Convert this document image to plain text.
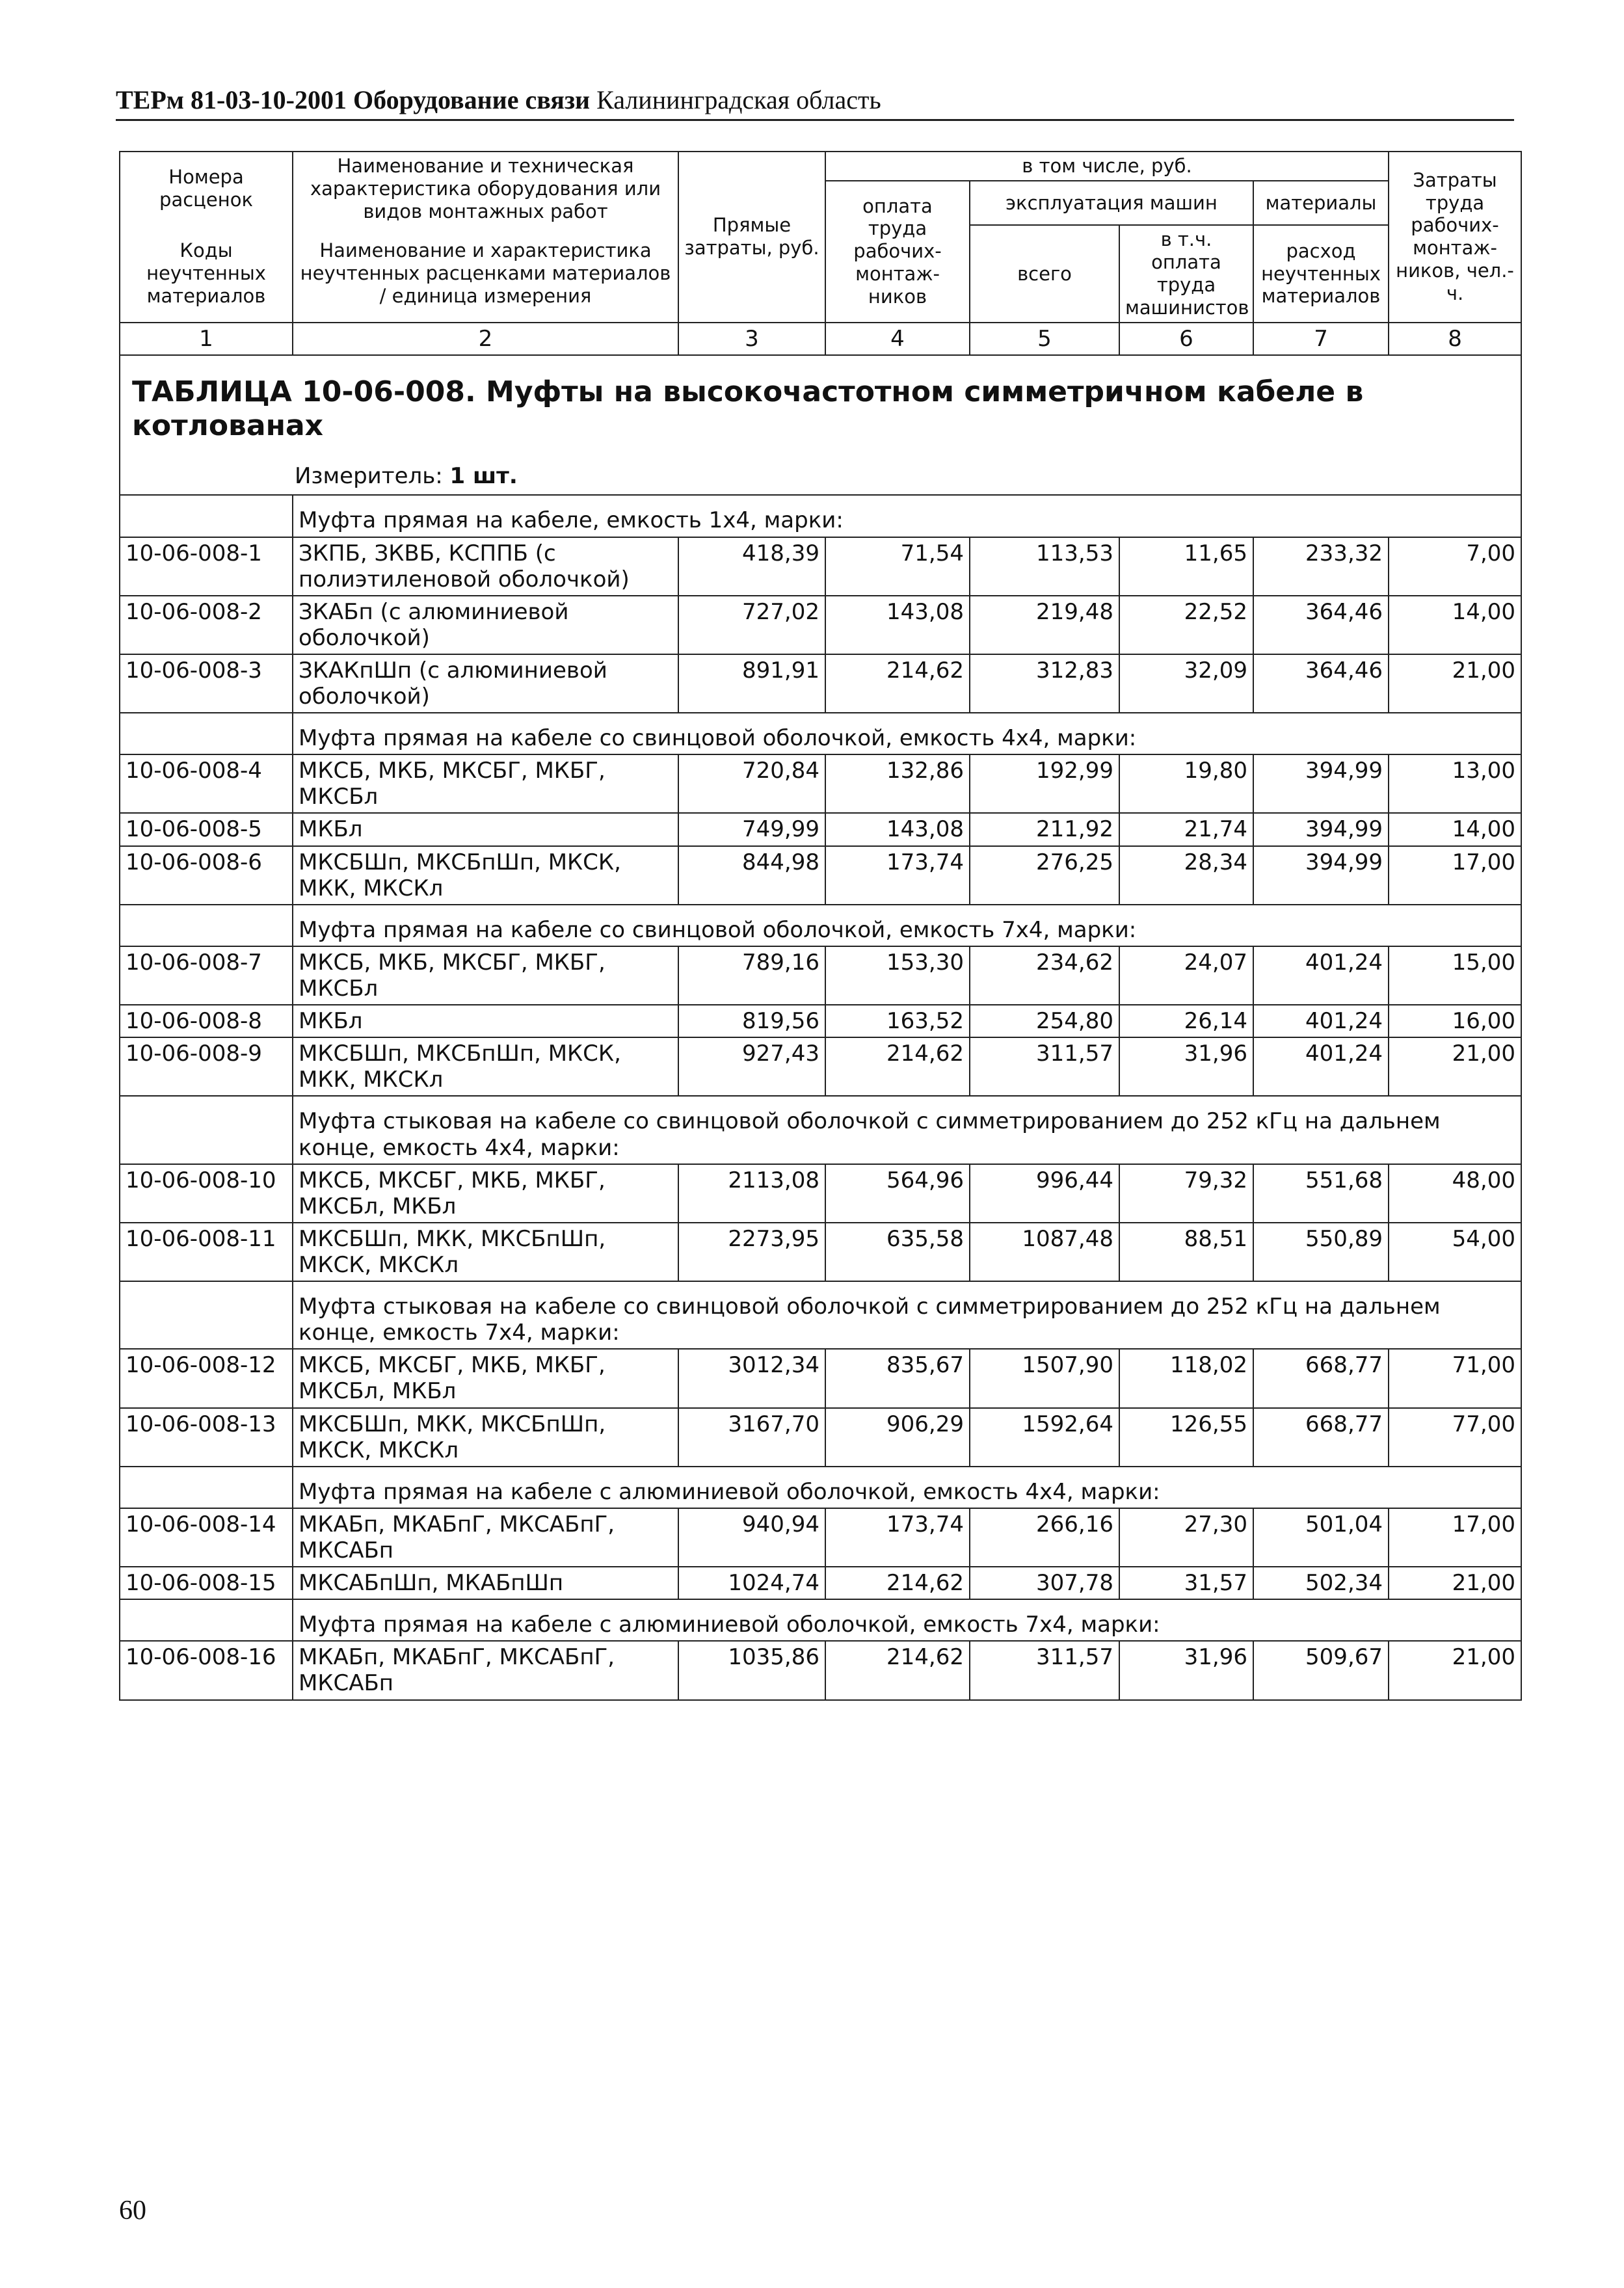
ТЕРм 81-03-10-2001 Оборудование связи Калининградская область
Номера расценок	Наименование и техническая характеристика оборудования или видов монтажных работ	Прямые затраты, руб.	в том числе, руб.				Затраты труда рабочих-монтаж-ников, чел.-ч.
			оплата труда рабочих-монтаж-ников	эксплуатация машин		материалы	
Коды неучтенных материалов	Наименование и характеристика неучтенных расценками материалов / единица измерения			всего	в т.ч. оплата труда машинистов	расход неучтенных материалов	

1	2	3	4	5	6	7	8

ТАБЛИЦА 10-06-008. Муфты на высокочастотном симметричном кабеле в котлованах
Измеритель: 1 шт.							

	Муфта прямая на кабеле, емкость 1х4, марки:						
10-06-008-1	ЗКПБ, ЗКВБ, КСППБ (с полиэтиленовой оболочкой)	418,39	71,54	113,53	11,65	233,32	7,00
10-06-008-2	ЗКАБп (с алюминиевой оболочкой)	727,02	143,08	219,48	22,52	364,46	14,00
10-06-008-3	ЗКАКпШп (с алюминиевой оболочкой)	891,91	214,62	312,83	32,09	364,46	21,00
	Муфта прямая на кабеле со свинцовой оболочкой, емкость 4х4, марки:						
10-06-008-4	МКСБ, МКБ, МКСБГ, МКБГ, МКСБл	720,84	132,86	192,99	19,80	394,99	13,00
10-06-008-5	МКБл	749,99	143,08	211,92	21,74	394,99	14,00
10-06-008-6	МКСБШп, МКСБпШп, МКСК, МКК, МКСКл	844,98	173,74	276,25	28,34	394,99	17,00
	Муфта прямая на кабеле со свинцовой оболочкой, емкость 7х4, марки:						
10-06-008-7	МКСБ, МКБ, МКСБГ, МКБГ, МКСБл	789,16	153,30	234,62	24,07	401,24	15,00
10-06-008-8	МКБл	819,56	163,52	254,80	26,14	401,24	16,00
10-06-008-9	МКСБШп, МКСБпШп, МКСК, МКК, МКСКл	927,43	214,62	311,57	31,96	401,24	21,00
	Муфта стыковая на кабеле со свинцовой оболочкой с симметрированием до 252 кГц на дальнем конце, емкость 4х4, марки:						
10-06-008-10	МКСБ, МКСБГ, МКБ, МКБГ, МКСБл, МКБл	2113,08	564,96	996,44	79,32	551,68	48,00
10-06-008-11	МКСБШп, МКК, МКСБпШп, МКСК, МКСКл	2273,95	635,58	1087,48	88,51	550,89	54,00
	Муфта стыковая на кабеле со свинцовой оболочкой с симметрированием до 252 кГц на дальнем конце, емкость 7х4, марки:						
10-06-008-12	МКСБ, МКСБГ, МКБ, МКБГ, МКСБл, МКБл	3012,34	835,67	1507,90	118,02	668,77	71,00
10-06-008-13	МКСБШп, МКК, МКСБпШп, МКСК, МКСКл	3167,70	906,29	1592,64	126,55	668,77	77,00
	Муфта прямая на кабеле с алюминиевой оболочкой, емкость 4х4, марки:						
10-06-008-14	МКАБп, МКАБпГ, МКСАБпГ, МКСАБп	940,94	173,74	266,16	27,30	501,04	17,00
10-06-008-15	МКСАБпШп, МКАБпШп	1024,74	214,62	307,78	31,57	502,34	21,00
	Муфта прямая на кабеле с алюминиевой оболочкой, емкость 7х4, марки:						
10-06-008-16	МКАБп, МКАБпГ, МКСАБпГ, МКСАБп	1035,86	214,62	311,57	31,96	509,67	21,00
60
